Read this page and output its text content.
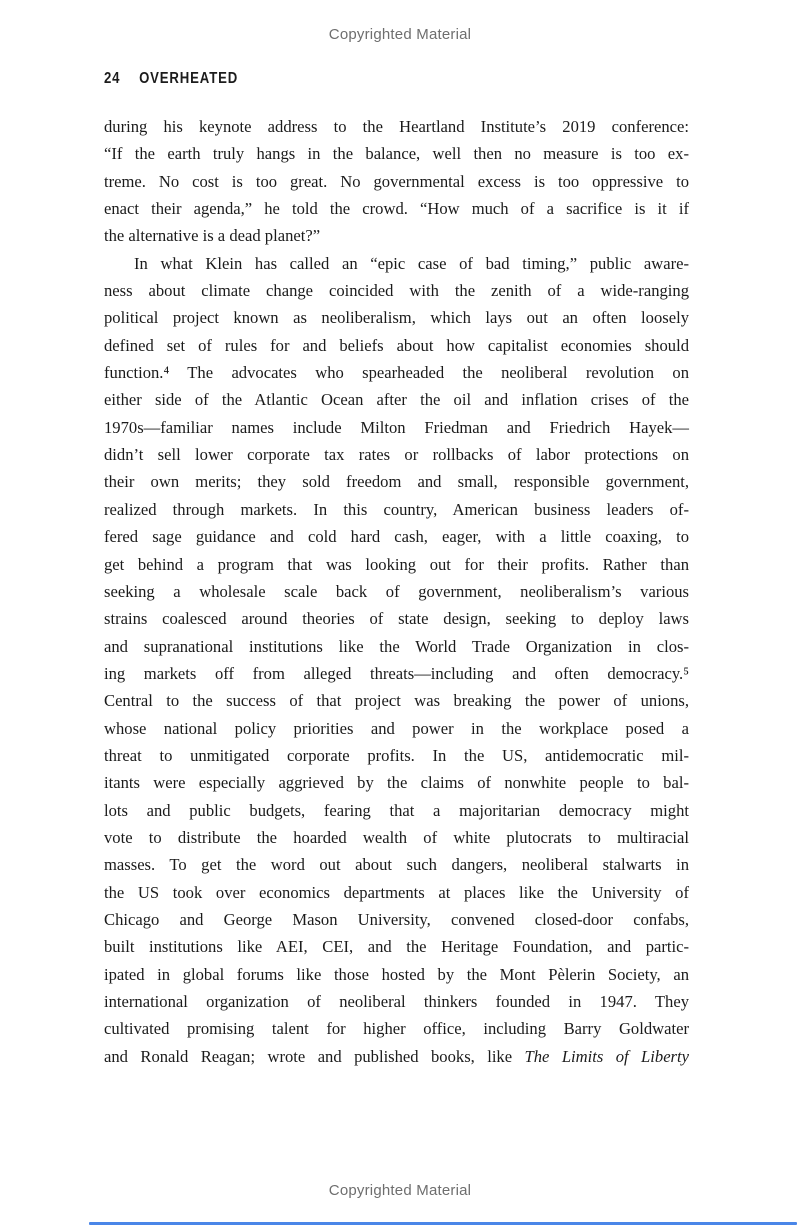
Copyrighted Material
24 OVERHEATED
during his keynote address to the Heartland Institute’s 2019 conference:
“If the earth truly hangs in the balance, well then no measure is too ex-
treme. No cost is too great. No governmental excess is too oppressive to
enact their agenda,” he told the crowd. “How much of a sacrifice is it if
the alternative is a dead planet?”
In what Klein has called an “epic case of bad timing,” public aware-
ness about climate change coincided with the zenith of a wide-ranging
political project known as neoliberalism, which lays out an often loosely
defined set of rules for and beliefs about how capitalist economies should
function.⁴ The advocates who spearheaded the neoliberal revolution on
either side of the Atlantic Ocean after the oil and inflation crises of the
1970s—familiar names include Milton Friedman and Friedrich Hayek—
didn’t sell lower corporate tax rates or rollbacks of labor protections on
their own merits; they sold freedom and small, responsible government,
realized through markets. In this country, American business leaders of-
fered sage guidance and cold hard cash, eager, with a little coaxing, to
get behind a program that was looking out for their profits. Rather than
seeking a wholesale scale back of government, neoliberalism’s various
strains coalesced around theories of state design, seeking to deploy laws
and supranational institutions like the World Trade Organization in clos-
ing markets off from alleged threats—including and often democracy.⁵
Central to the success of that project was breaking the power of unions,
whose national policy priorities and power in the workplace posed a
threat to unmitigated corporate profits. In the US, antidemocratic mil-
itants were especially aggrieved by the claims of nonwhite people to bal-
lots and public budgets, fearing that a majoritarian democracy might
vote to distribute the hoarded wealth of white plutocrats to multiracial
masses. To get the word out about such dangers, neoliberal stalwarts in
the US took over economics departments at places like the University of
Chicago and George Mason University, convened closed-door confabs,
built institutions like AEI, CEI, and the Heritage Foundation, and partic-
ipated in global forums like those hosted by the Mont Pèlerin Society, an
international organization of neoliberal thinkers founded in 1947. They
cultivated promising talent for higher office, including Barry Goldwater
and Ronald Reagan; wrote and published books, like The Limits of Liberty
Copyrighted Material
